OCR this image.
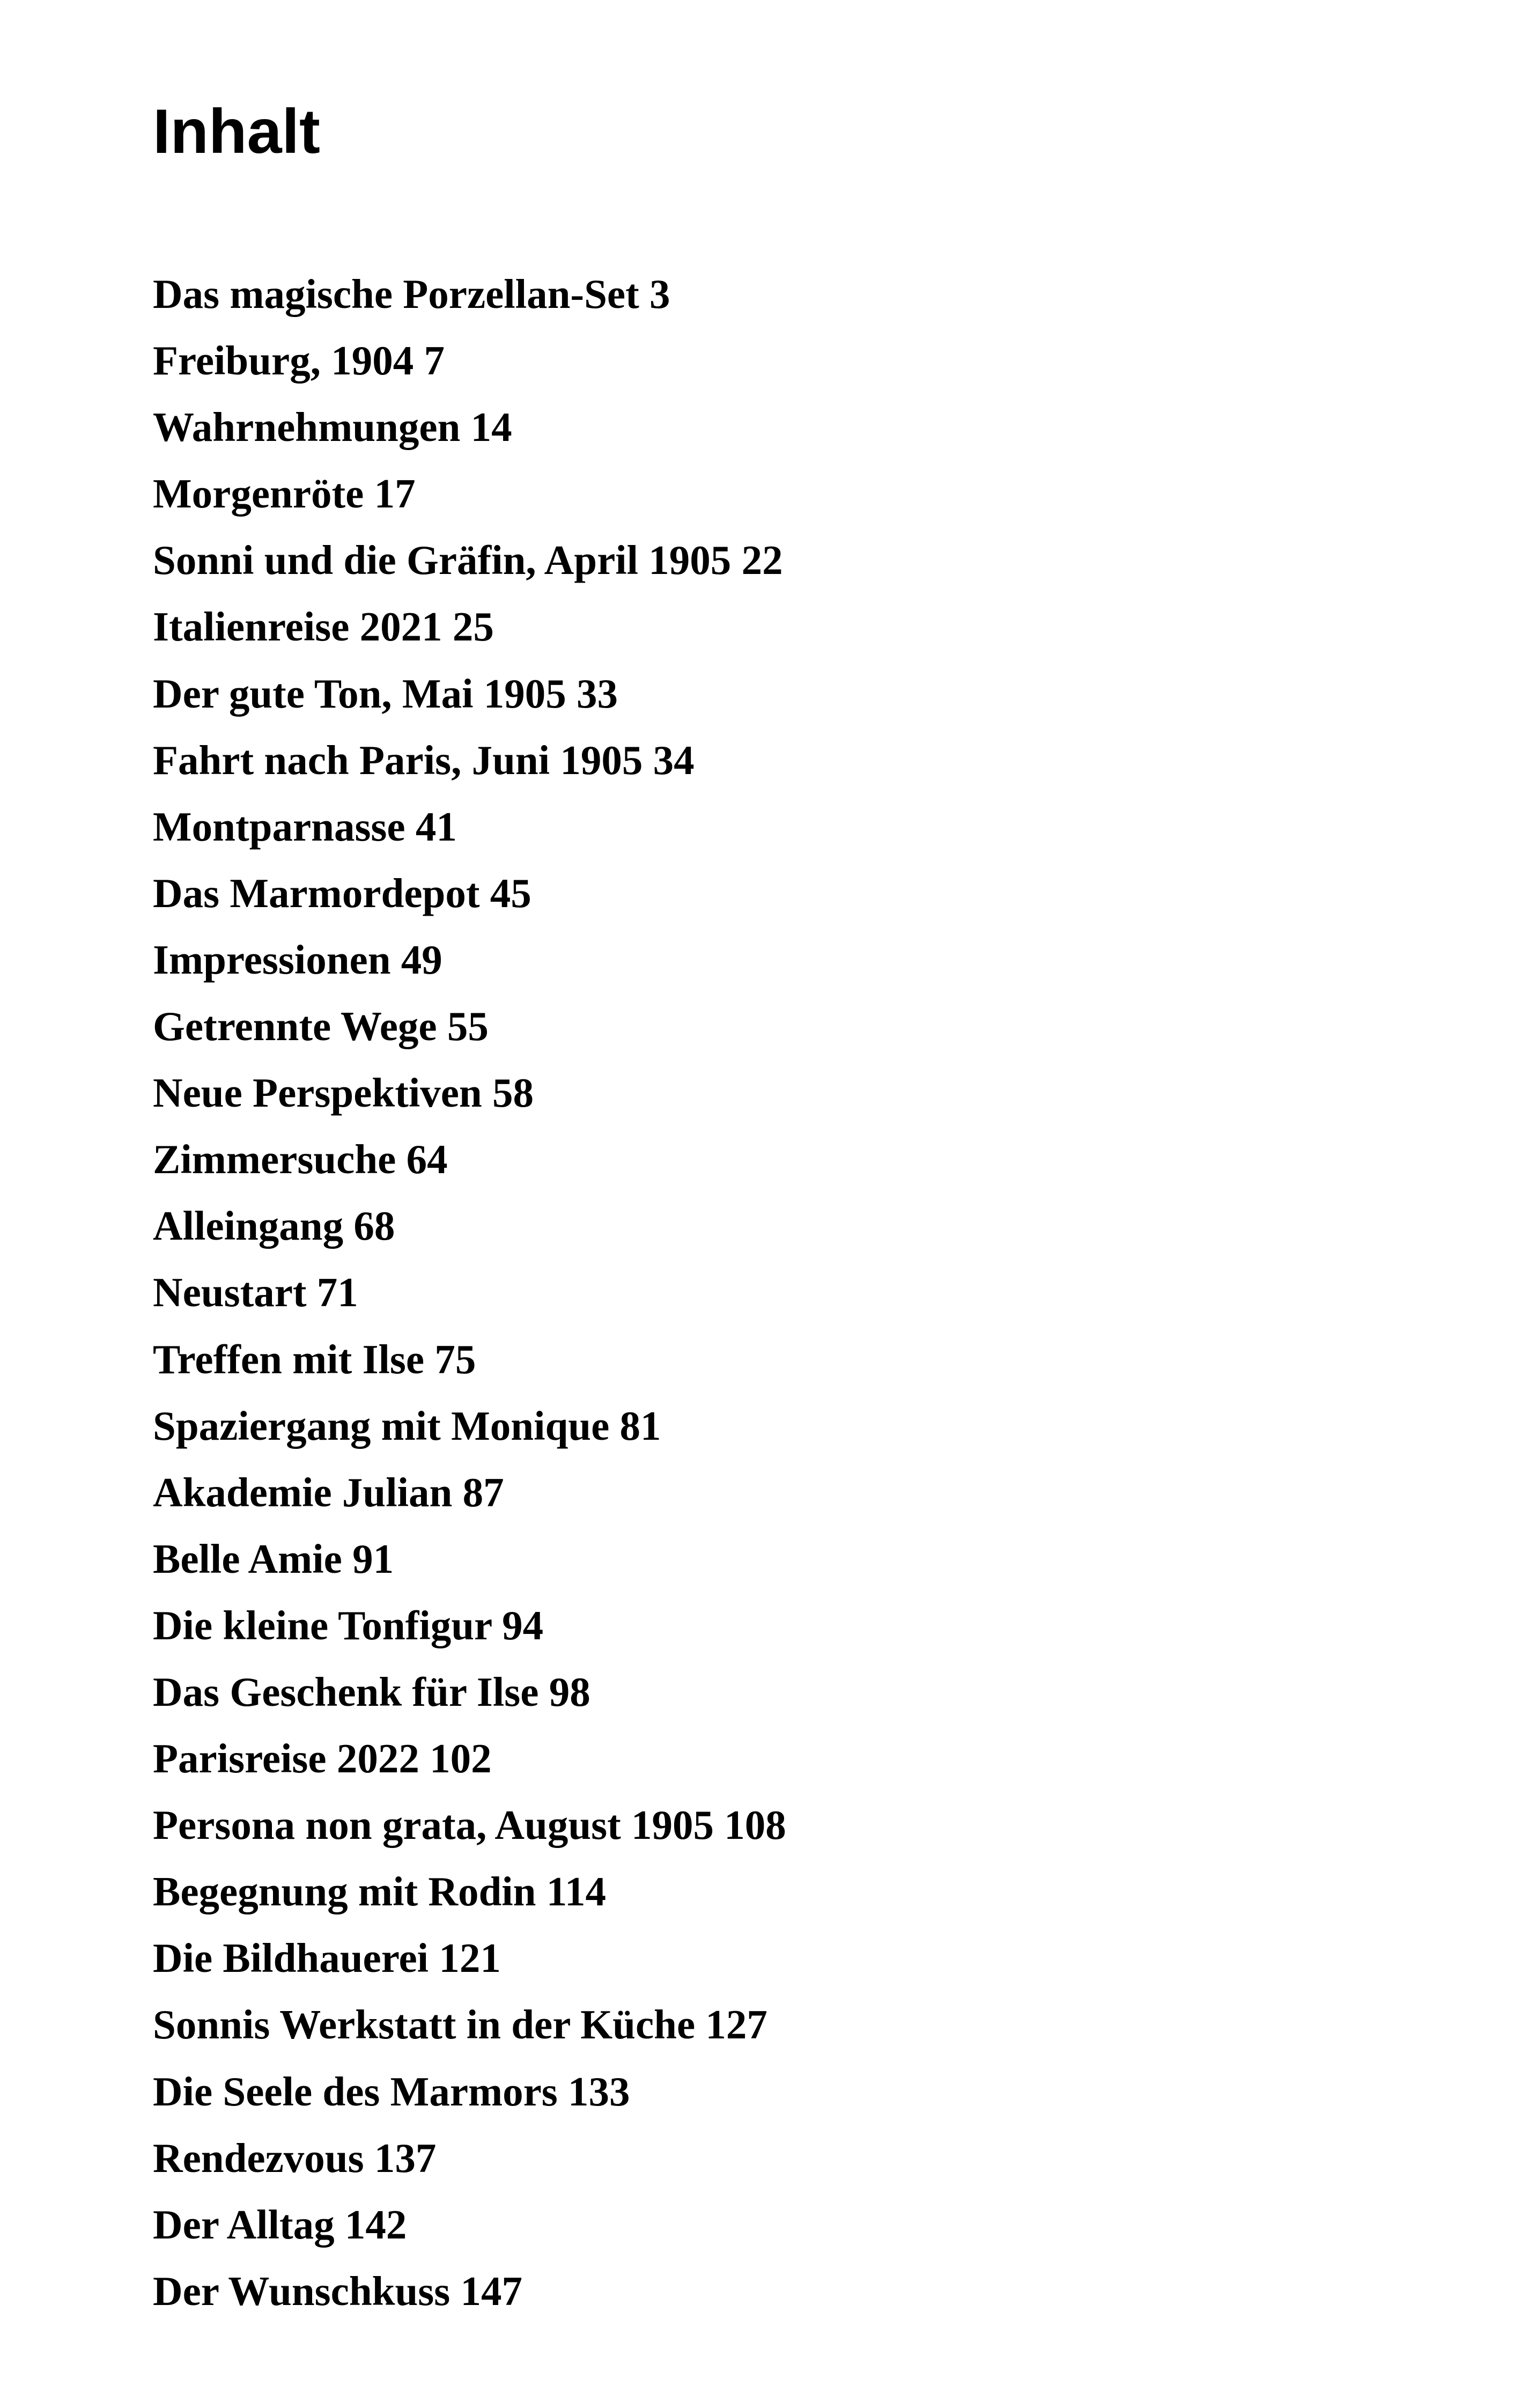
Inhalt
Das magische Porzellan-Set 3
Freiburg, 1904 7
Wahrnehmungen 14
Morgenröte 17
Sonni und die Gräfin, April 1905 22
Italienreise 2021 25
Der gute Ton, Mai 1905 33
Fahrt nach Paris, Juni 1905 34
Montparnasse 41
Das Marmordepot 45
Impressionen 49
Getrennte Wege 55
Neue Perspektiven 58
Zimmersuche 64
Alleingang 68
Neustart 71
Treffen mit Ilse 75
Spaziergang mit Monique 81
Akademie Julian 87
Belle Amie 91
Die kleine Tonfigur 94
Das Geschenk für Ilse 98
Parisreise 2022 102
Persona non grata, August 1905 108
Begegnung mit Rodin 114
Die Bildhauerei 121
Sonnis Werkstatt in der Küche 127
Die Seele des Marmors 133
Rendezvous 137
Der Alltag 142
Der Wunschkuss 147
